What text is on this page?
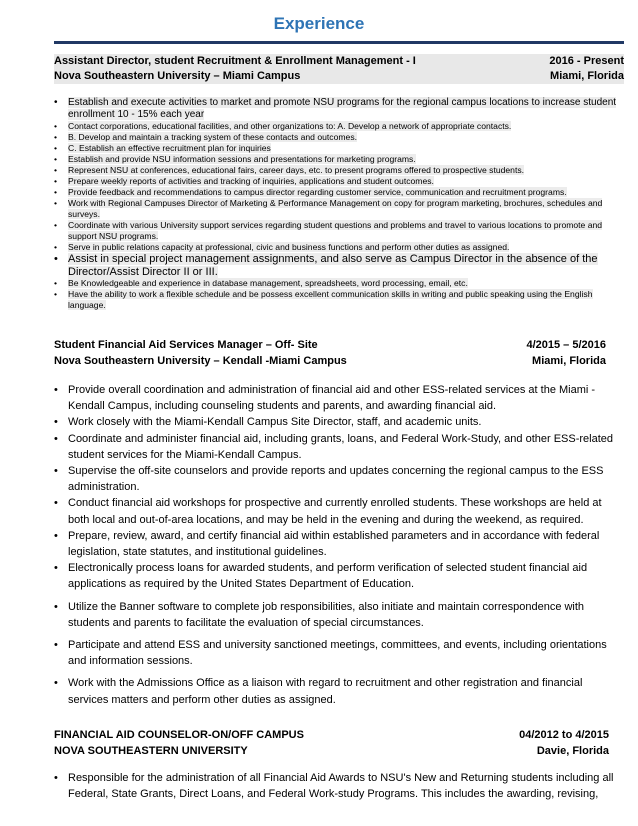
Experience
Assistant Director, student Recruitment & Enrollment Management - I	2016 - Present
Nova Southeastern University – Miami Campus	Miami, Florida
• Establish and execute activities to market and promote NSU programs for the regional campus locations to increase student enrollment 10 - 15% each year
• Contact corporations, educational facilities, and other organizations to: A. Develop a network of appropriate contacts.
• B. Develop and maintain a tracking system of these contacts and outcomes.
• C. Establish an effective recruitment plan for inquiries
• Establish and provide NSU information sessions and presentations for marketing programs.
• Represent NSU at conferences, educational fairs, career days, etc. to present programs offered to prospective students.
• Prepare weekly reports of activities and tracking of inquiries, applications and student outcomes.
• Provide feedback and recommendations to campus director regarding customer service, communication and recruitment programs.
• Work with Regional Campuses Director of Marketing & Performance Management on copy for program marketing, brochures, schedules and surveys.
• Coordinate with various University support services regarding student questions and problems and travel to various locations to promote and support NSU programs.
• Serve in public relations capacity at professional, civic and business functions and perform other duties as assigned.
• Assist in special project management assignments, and also serve as Campus Director in the absence of the Director/Assist Director II or III.
• Be Knowledgeable and experience in database management, spreadsheets, word processing, email, etc.
• Have the ability to work a flexible schedule and be possess excellent communication skills in writing and public speaking using the English language.
Student Financial Aid Services Manager – Off- Site	4/2015 – 5/2016
Nova Southeastern University – Kendall -Miami Campus	Miami, Florida
• Provide overall coordination and administration of financial aid and other ESS-related services at the Miami - Kendall Campus, including counseling students and parents, and awarding financial aid.
• Work closely with the Miami-Kendall Campus Site Director, staff, and academic units.
• Coordinate and administer financial aid, including grants, loans, and Federal Work-Study, and other ESS-related student services for the Miami-Kendall Campus.
• Supervise the off-site counselors and provide reports and updates concerning the regional campus to the ESS administration.
• Conduct financial aid workshops for prospective and currently enrolled students. These workshops are held at both local and out-of-area locations, and may be held in the evening and during the weekend, as required.
• Prepare, review, award, and certify financial aid within established parameters and in accordance with federal legislation, state statutes, and institutional guidelines.
• Electronically process loans for awarded students, and perform verification of selected student financial aid applications as required by the United States Department of Education.
• Utilize the Banner software to complete job responsibilities, also initiate and maintain correspondence with students and parents to facilitate the evaluation of special circumstances.
• Participate and attend ESS and university sanctioned meetings, committees, and events, including orientations and information sessions.
• Work with the Admissions Office as a liaison with regard to recruitment and other registration and financial services matters and perform other duties as assigned.
FINANCIAL AID COUNSELOR-ON/OFF CAMPUS	04/2012 to 4/2015
NOVA SOUTHEASTERN UNIVERSITY	Davie, Florida
• Responsible for the administration of all Financial Aid Awards to NSU's New and Returning students including all Federal, State Grants, Direct Loans, and Federal Work-study Programs. This includes the awarding, revising,
